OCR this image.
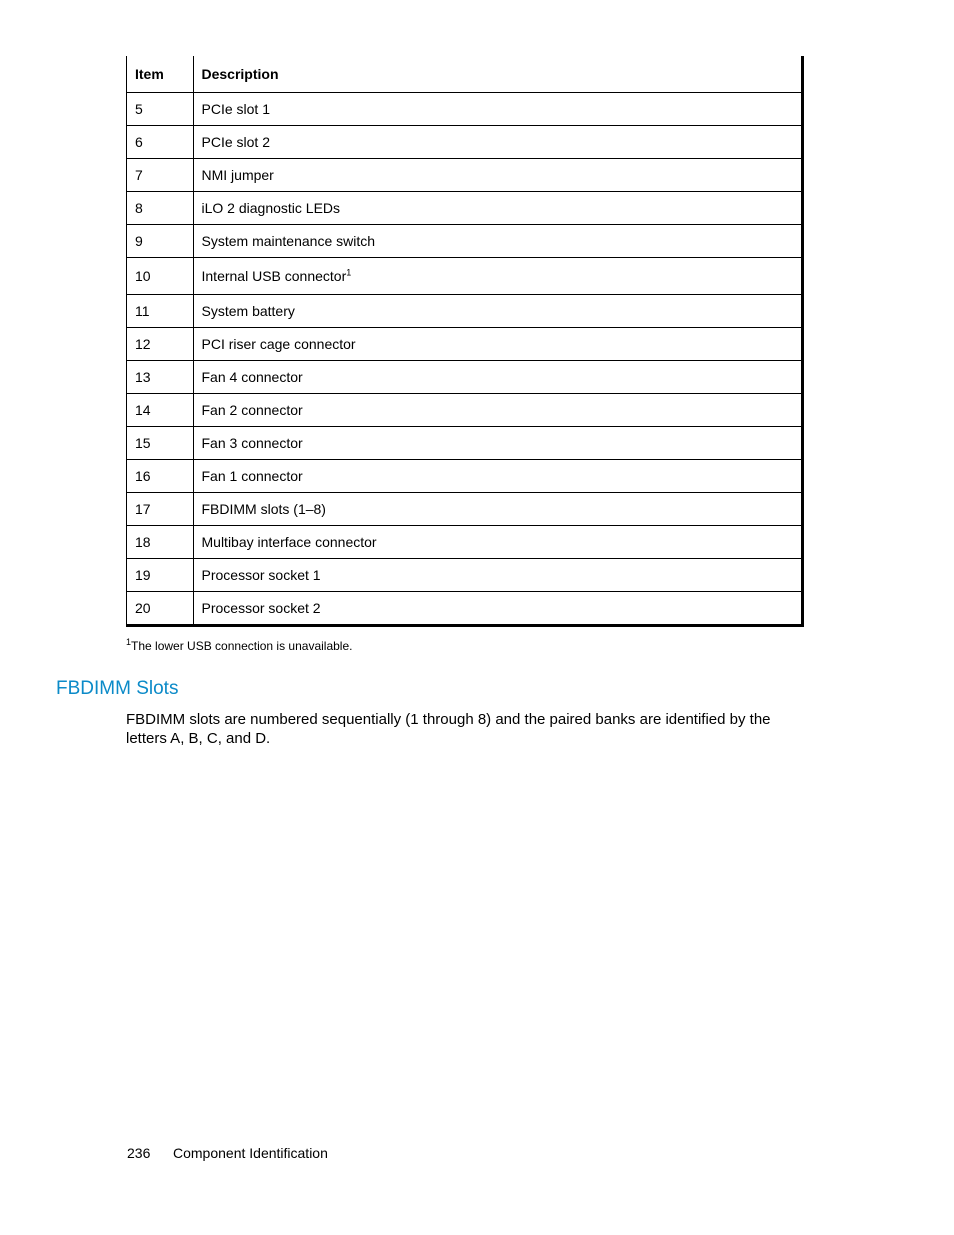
Item	Description
5	PCIe slot 1
6	PCIe slot 2
7	NMI jumper
8	iLO 2 diagnostic LEDs
9	System maintenance switch
10	Internal USB connector$^1$
11	System battery
12	PCI riser cage connector
13	Fan 4 connector
14	Fan 2 connector
15	Fan 3 connector
16	Fan 1 connector
17	FBDIMM slots (1–8)
18	Multibay interface connector
19	Processor socket 1
20	Processor socket 2
$^1$The lower USB connection is unavailable.
FBDIMM Slots

FBDIMM slots are numbered sequentially (1 through 8) and the paired banks are identified by the letters A, B, C, and D.

236 Component Identification
